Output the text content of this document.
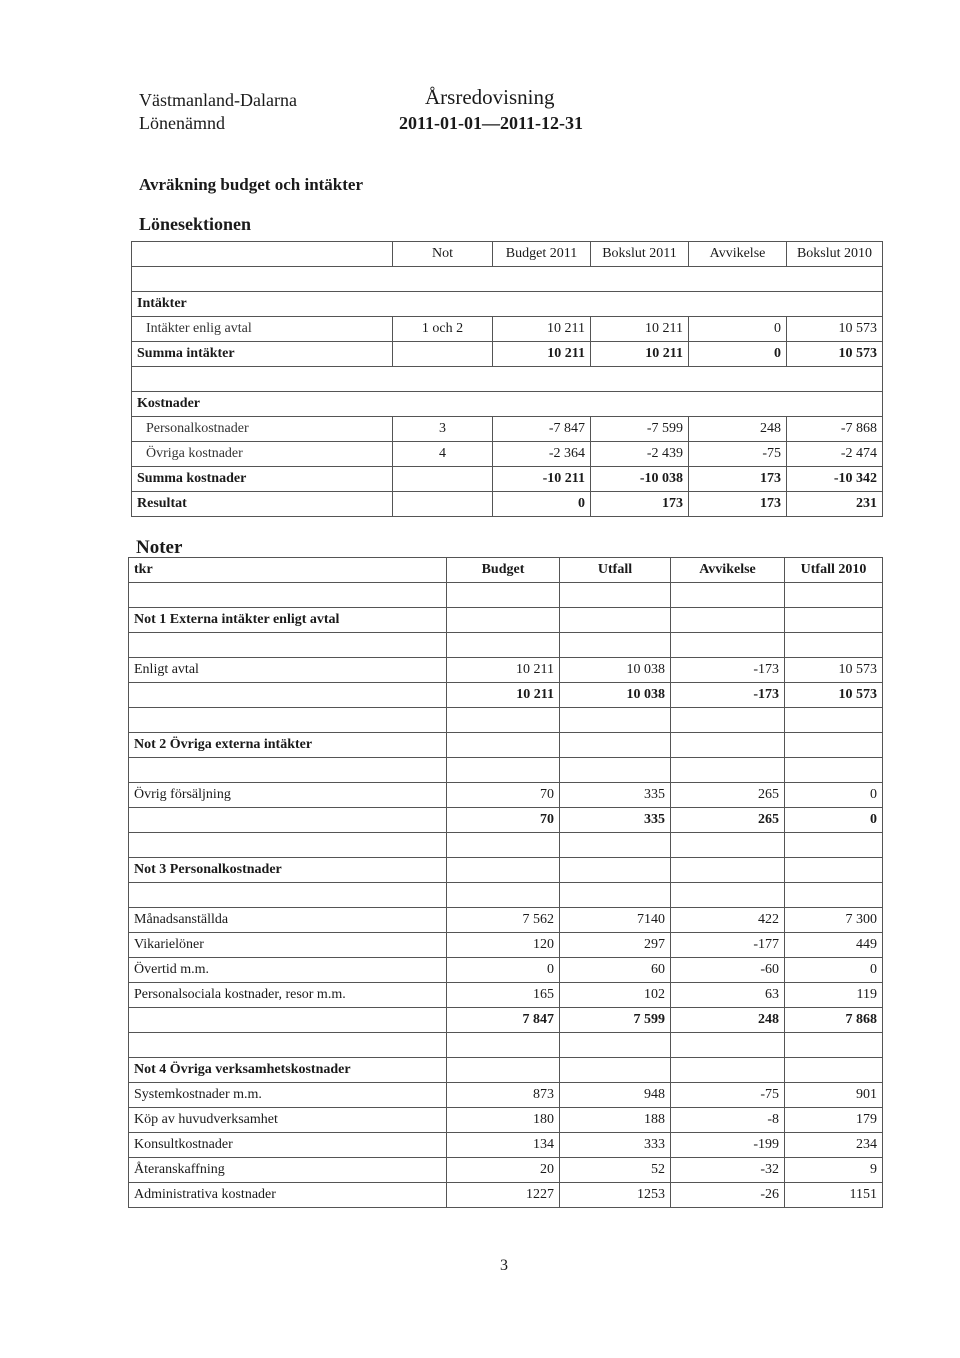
Västmanland-Dalarna
Lönenämnd
Årsredovisning
2011-01-01—2011-12-31
Avräkning budget och intäkter
Lönesektionen
	Not	Budget 2011	Bokslut 2011	Avvikelse	Bokslut 2010

Intäkter					
Intäkter enlig avtal	1 och 2	10 211	10 211	0	10 573
Summa intäkter		10 211	10 211	0	10 573

Kostnader					
Personalkostnader	3	-7 847	-7 599	248	-7 868
Övriga kostnader	4	-2 364	-2 439	-75	-2 474
Summa kostnader		-10 211	-10 038	173	-10 342
Resultat		0	173	173	231
Noter
tkr	Budget	Utfall	Avvikelse	Utfall 2010

Not 1 Externa intäkter enligt avtal				

Enligt avtal	10 211	10 038	-173	10 573
	10 211	10 038	-173	10 573

Not 2 Övriga externa intäkter				

Övrig försäljning	70	335	265	0
	70	335	265	0

Not 3 Personalkostnader				

Månadsanställda	7 562	7140	422	7 300
Vikarielöner	120	297	-177	449
Övertid m.m.	0	60	-60	0
Personalsociala kostnader, resor m.m.	165	102	63	119
	7 847	7 599	248	7 868

Not 4 Övriga verksamhetskostnader				
Systemkostnader m.m.	873	948	-75	901
Köp av huvudverksamhet	180	188	-8	179
Konsultkostnader	134	333	-199	234
Återanskaffning	20	52	-32	9
Administrativa kostnader	1227	1253	-26	1151
3
